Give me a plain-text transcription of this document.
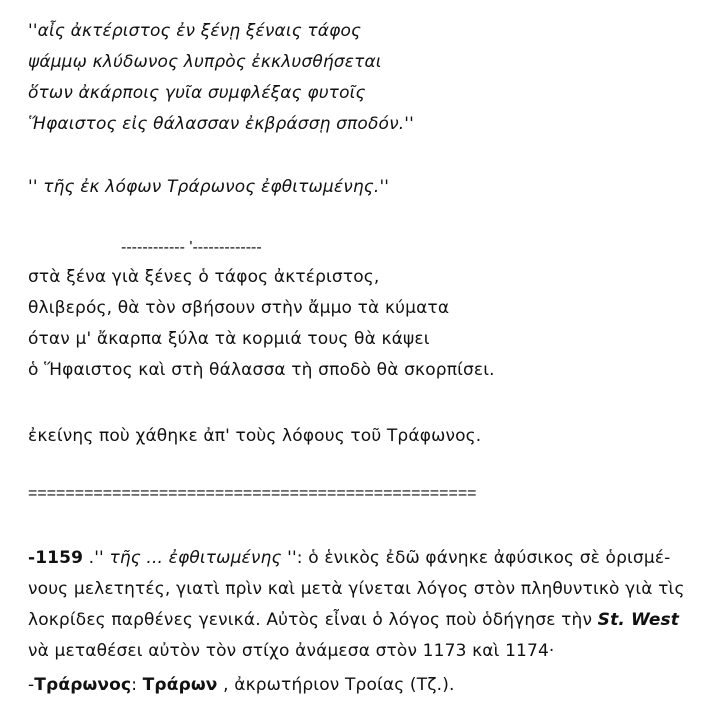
''αἶς ἀκτέριστος ἐν ξένῃ ξέναις τάφος
ψάμμῳ κλύδωνος λυπρὸς ἐκκλυσθήσεται
ὅτων ἀκάρποις γυῖα συμφλέξας φυτοῖς
Ἥφαιστος εἰς θάλασσαν ἐκβράσσῃ σποδόν.''
'' τῆς ἐκ λόφων Τράρωνος ἐφθιτωμένης.''
------------ '-------------
στὰ ξένα γιὰ ξένες ὁ τάφος ἀκτέριστος,
θλιβερός, θὰ τὸν σβήσουν στὴν ἄμμο τὰ κύματα
όταν μ' ἄκαρπα ξύλα τὰ κορμιά τους θὰ κάψει
ὁ Ἥφαιστος καὶ στὴ θάλασσα τὴ σποδὸ θὰ σκορπίσει.
ἐκείνης ποὺ χάθηκε ἀπ' τοὺς λόφους τοῦ Τράφωνος.
================================================
-1159 .'' τῆς ... ἐφθιτωμένης '': ὁ ἑνικὸς ἐδῶ φάνηκε ἀφύσικος σὲ ὁρισμέ-
νους μελετητές, γιατὶ πρὶν καὶ μετὰ γίνεται λόγος στὸν πληθυντικὸ γιὰ τὶς
λοκρίδες παρθένες γενικά. Αὐτὸς εἶναι ὁ λόγος ποὺ ὁδήγησε τὴν St. West
νὰ μεταθέσει αὐτὸν τὸν στίχο ἀνάμεσα στὸν 1173 καὶ 1174·
-Τράρωνος: Τράρων , ἀκρωτήριον Τροίας (Τζ.).
